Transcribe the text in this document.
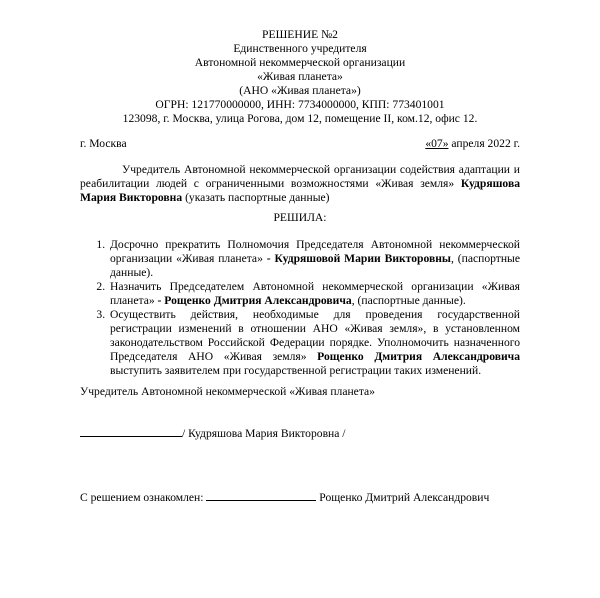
РЕШЕНИЕ №2
Единственного учредителя
Автономной некоммерческой организации
«Живая планета»
(АНО «Живая планета»)
ОГРН: 121770000000, ИНН: 7734000000, КПП: 773401001
123098, г. Москва, улица Рогова, дом 12, помещение II, ком.12, офис 12.
г. Москва	«07» апреля 2022 г.
Учредитель Автономной некоммерческой организации содействия адаптации и реабилитации людей с ограниченными возможностями «Живая земля» Кудряшова Мария Викторовна (указать паспортные данные)
РЕШИЛА:
1. Досрочно прекратить Полномочия Председателя Автономной некоммерческой организации «Живая планета» - Кудряшовой Марии Викторовны, (паспортные данные).
2. Назначить Председателем Автономной некоммерческой организации «Живая планета» - Рощенко Дмитрия Александровича, (паспортные данные).
3. Осуществить действия, необходимые для проведения государственной регистрации изменений в отношении АНО «Живая земля», в установленном законодательством Российской Федерации порядке. Уполномочить назначенного Председателя АНО «Живая земля» Рощенко Дмитрия Александровича выступить заявителем при государственной регистрации таких изменений.
Учредитель Автономной некоммерческой «Живая планета»
/ Кудряшова Мария Викторовна /
С решением ознакомлен:	Рощенко Дмитрий Александрович
